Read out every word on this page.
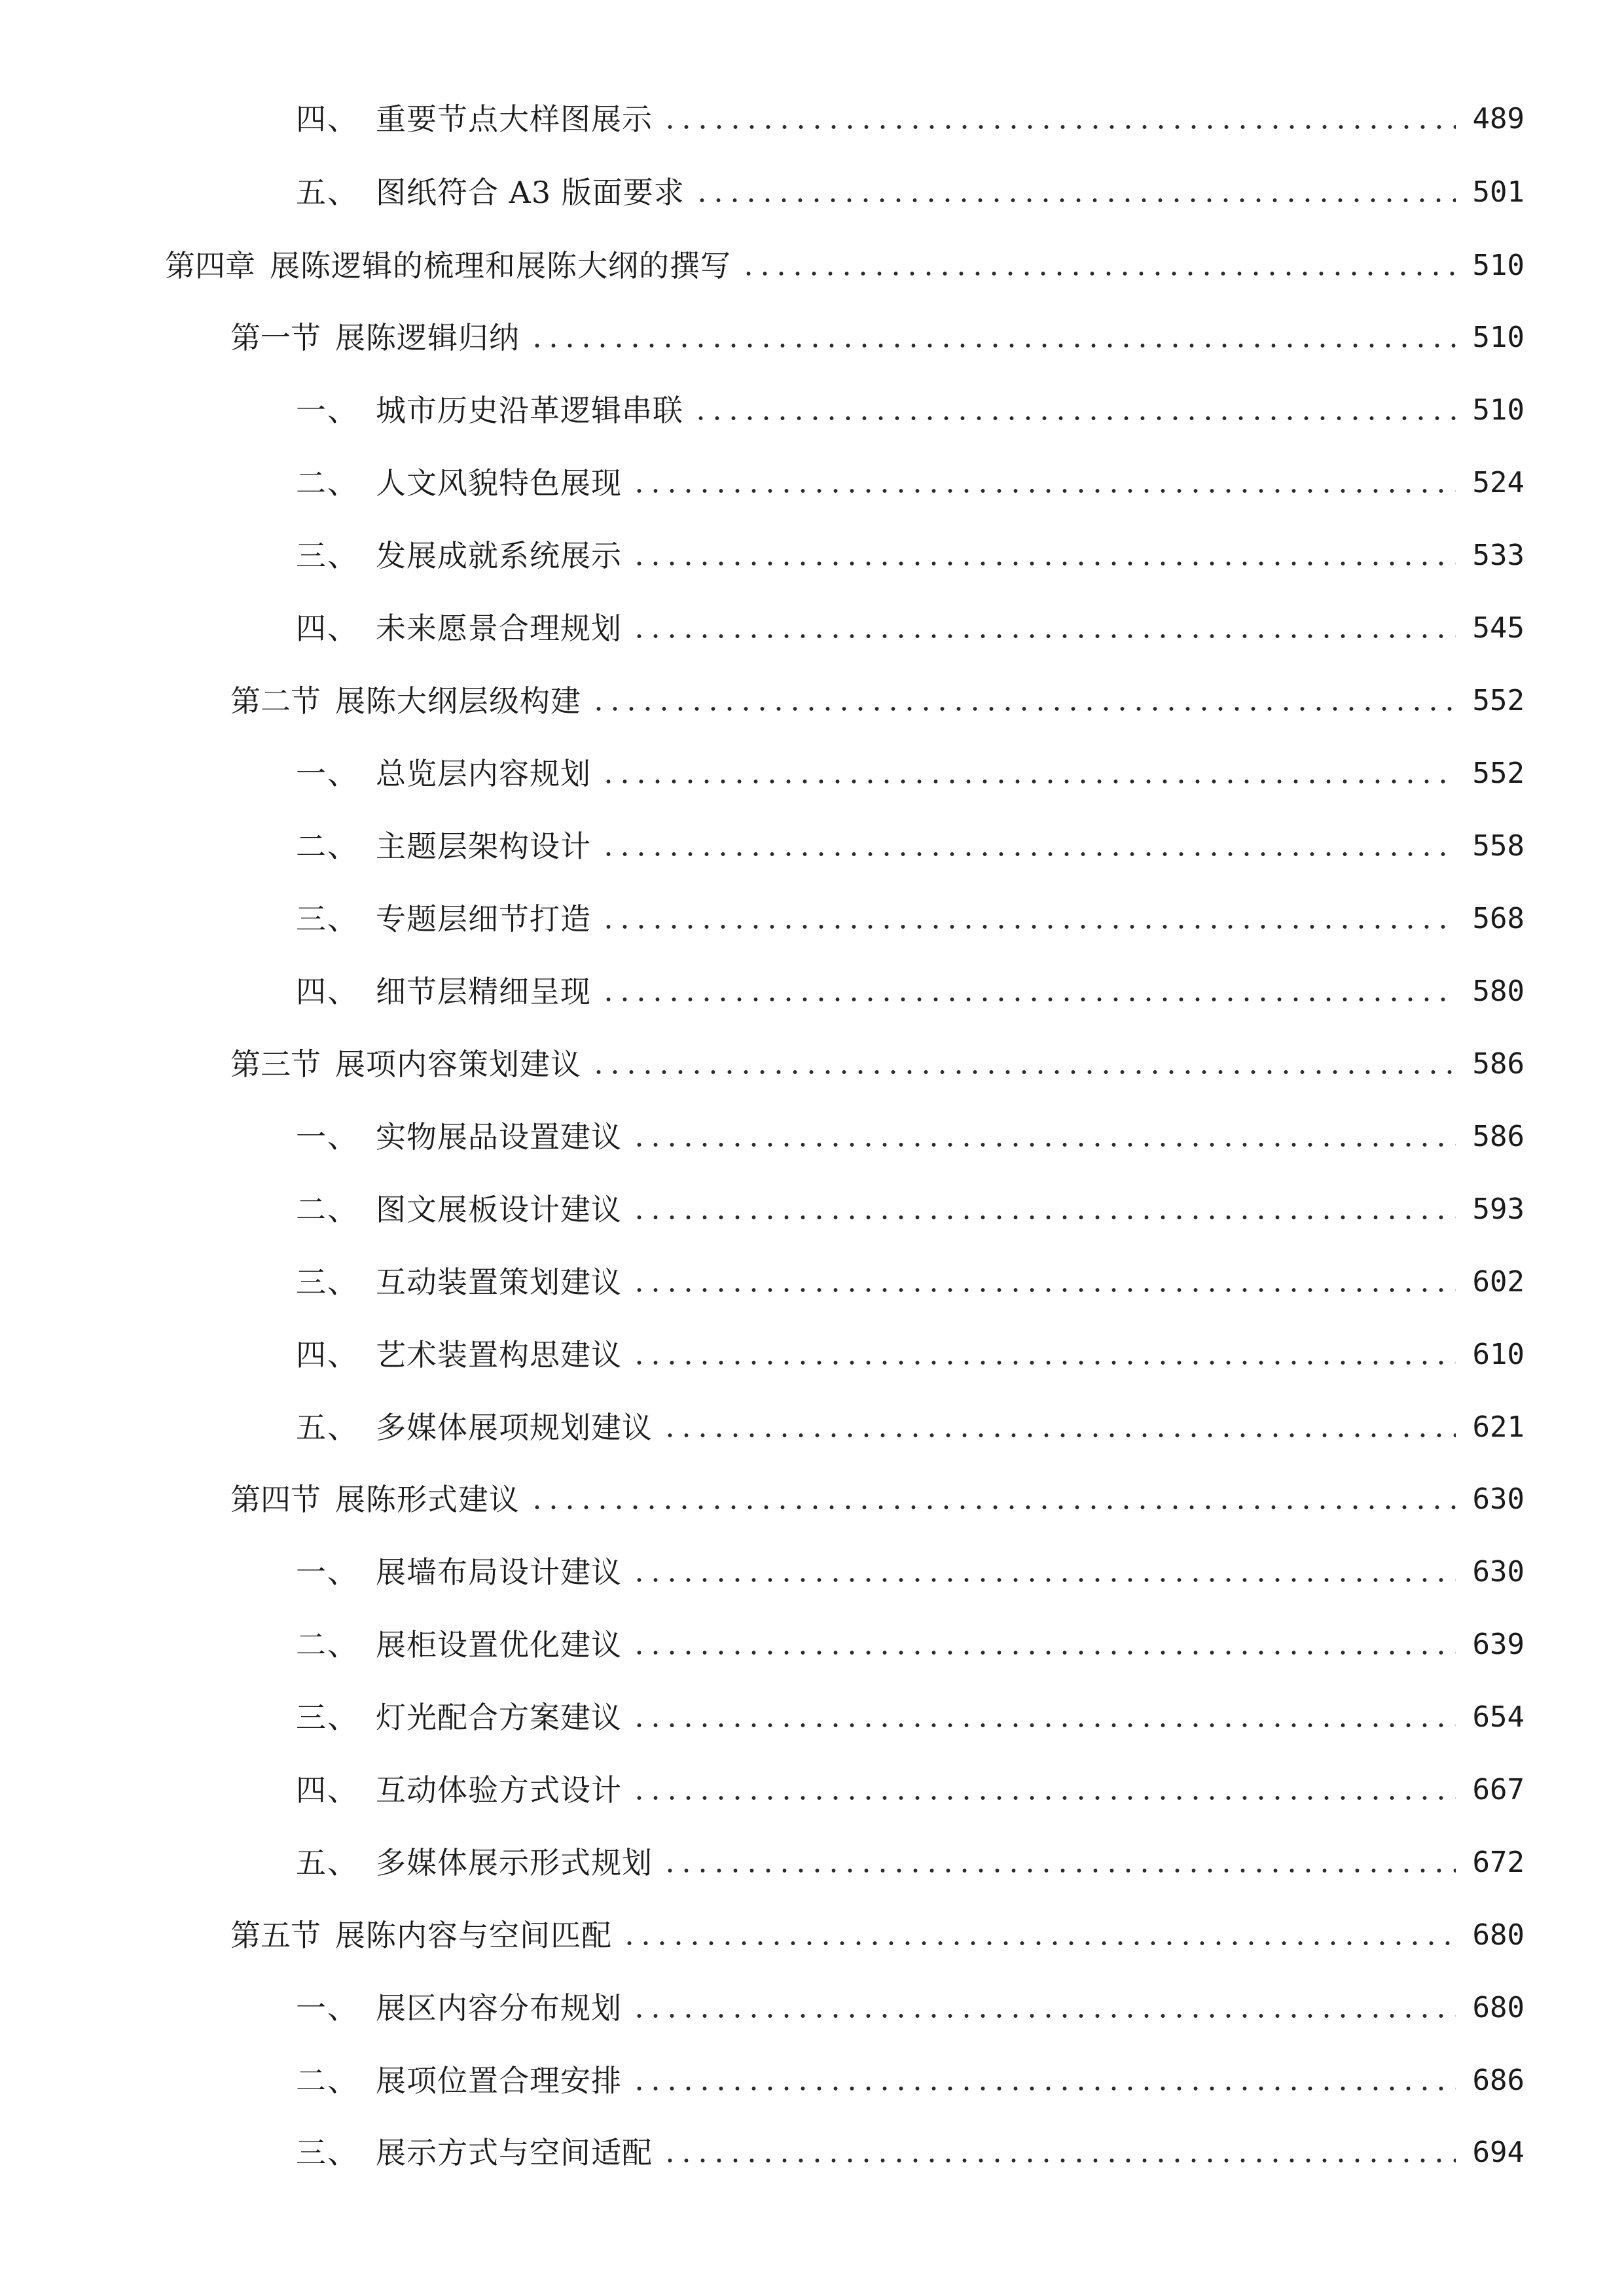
四、 重要节点大样图展示	489
五、 图纸符合 A3 版面要求	501
第四章 展陈逻辑的梳理和展陈大纲的撰写	510
第一节 展陈逻辑归纳	510
一、 城市历史沿革逻辑串联	510
二、 人文风貌特色展现	524
三、 发展成就系统展示	533
四、 未来愿景合理规划	545
第二节 展陈大纲层级构建	552
一、 总览层内容规划	552
二、 主题层架构设计	558
三、 专题层细节打造	568
四、 细节层精细呈现	580
第三节 展项内容策划建议	586
一、 实物展品设置建议	586
二、 图文展板设计建议	593
三、 互动装置策划建议	602
四、 艺术装置构思建议	610
五、 多媒体展项规划建议	621
第四节 展陈形式建议	630
一、 展墙布局设计建议	630
二、 展柜设置优化建议	639
三、 灯光配合方案建议	654
四、 互动体验方式设计	667
五、 多媒体展示形式规划	672
第五节 展陈内容与空间匹配	680
一、 展区内容分布规划	680
二、 展项位置合理安排	686
三、 展示方式与空间适配	694
